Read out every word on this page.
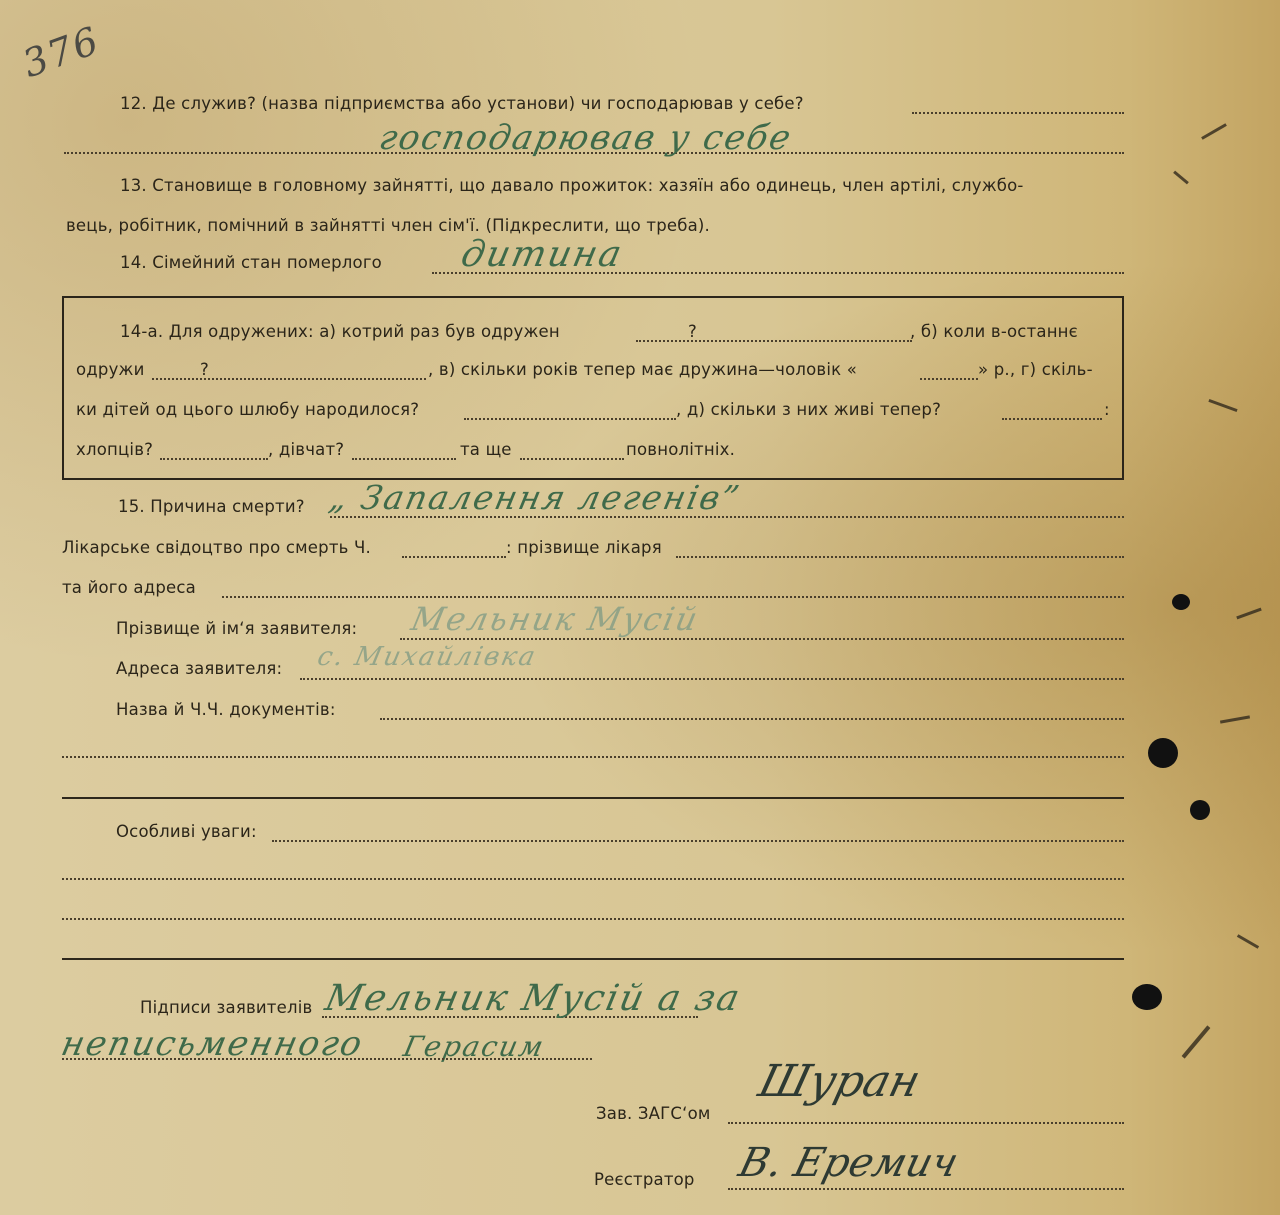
376
12. Де служив? (назва підприємства або установи) чи господарював у себе?
господарював у себе
13. Становище в головному зайнятті, що давало прожиток: хазяїн або одинець, член артілі, службо-
вець, робітник, помічний в зайнятті член сім'ї. (Підкреслити, що треба).
14. Сімейний стан померлого дитина
14-а. Для одружених: а) котрий раз був одружен	?	, б) коли в-останнє
одружи	?	, в) скільки років тепер має дружина—чоловік «	» р., г) скіль-
ки дітей од цього шлюбу народилося?	, д) скільки з них живі тепер?	:
хлопців?	, дівчат?	та ще	повнолітніх.
15. Причина смерти? „ Запалення легенів”
Лікарське свідоцтво про смерть Ч.	: прізвище лікаря
та його адреса
Прізвище й ім‘я заявителя: Мельник Мусій
Адреса заявителя: с. Михайлівка
Назва й Ч.Ч. документів:
Особливі уваги:
Підписи заявителів Мельник Мусій а за
неписьменного Герасим
Зав. ЗАГС‘ом
Шуран
Реєстратор В. Еремич
